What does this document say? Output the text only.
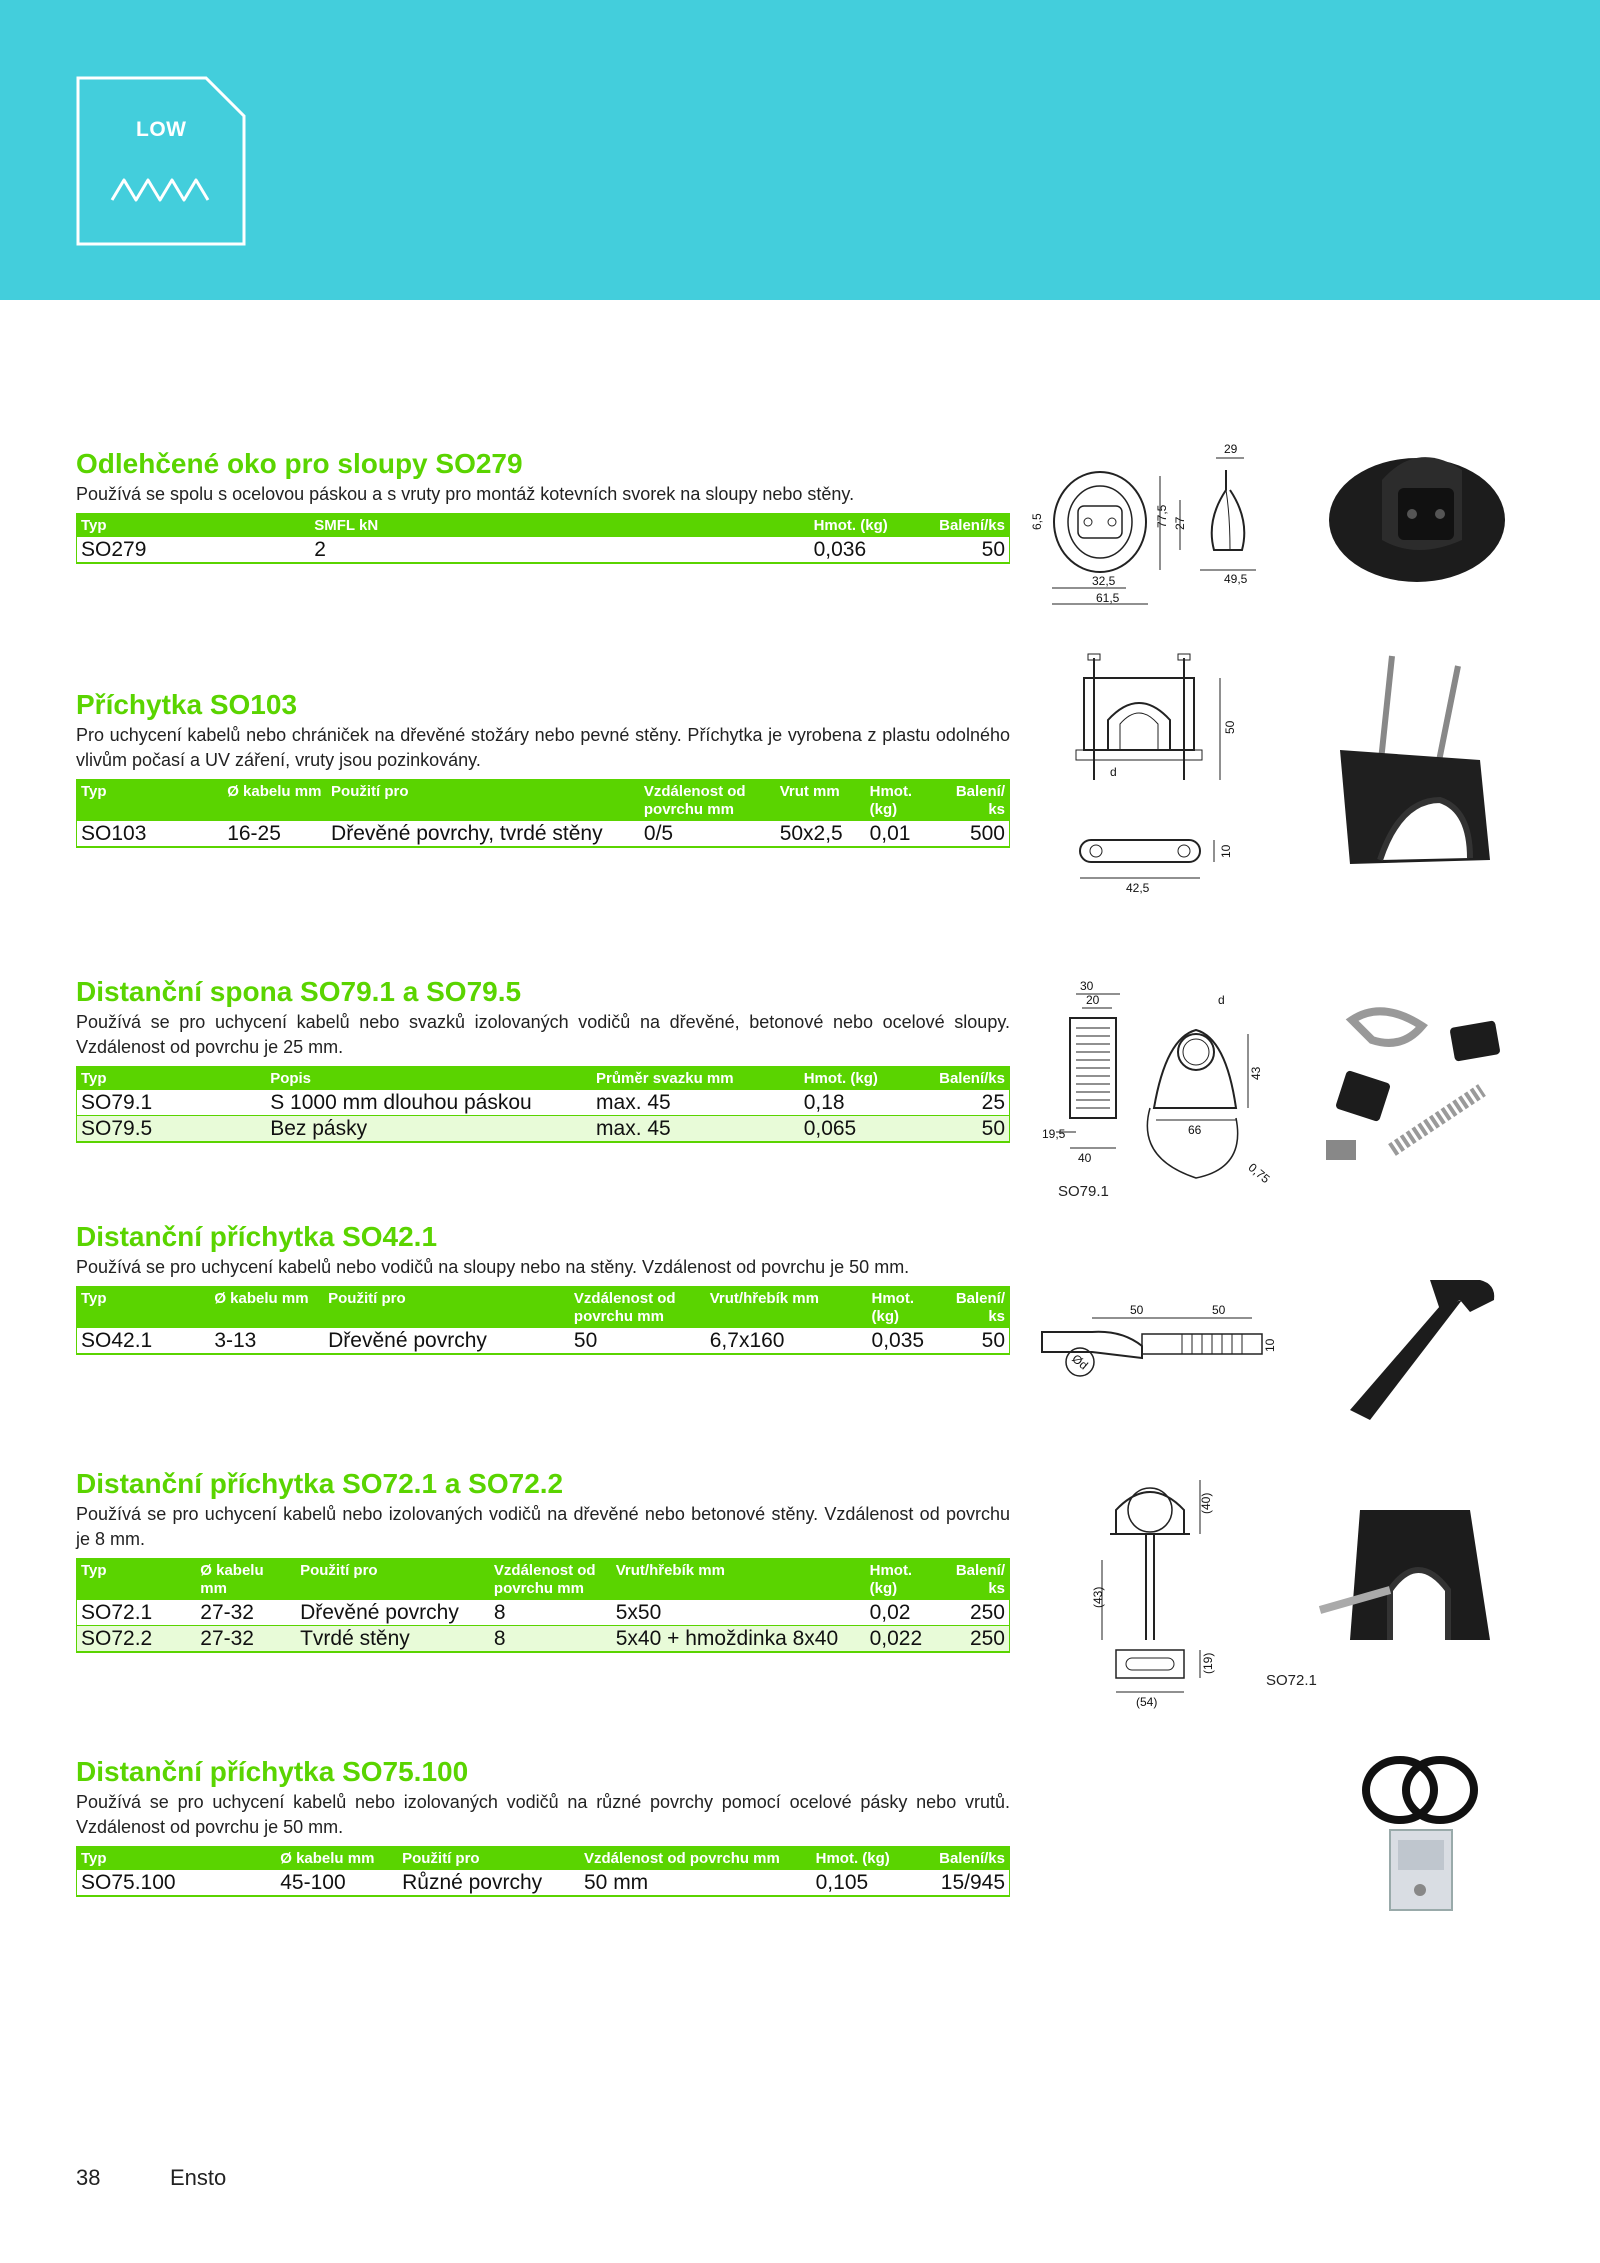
LOW
Odlehčené oko pro sloupy SO279
Používá se spolu s ocelovou páskou a s vruty pro montáž kotevních svorek na sloupy nebo stěny.
Typ	SMFL kN	Hmot. (kg)	Balení/ks
SO279	2	0,036	50
6,5	77,5 27
29
32,5
61,5
49,5
Příchytka SO103
Pro uchycení kabelů nebo chrániček na dřevěné stožáry nebo pevné stěny. Příchytka je vyrobena z plastu odolného vlivům počasí a UV záření, vruty jsou pozinkovány.
Typ	Ø kabelu mm	Použití pro	Vzdálenost od povrchu mm	Vrut mm	Hmot. (kg)	Balení/ ks
SO103	16-25	Dřevěné povrchy, tvrdé stěny	0/5	50x2,5	0,01	500
d
50
10
42,5
Distanční spona SO79.1 a SO79.5
Používá se pro uchycení kabelů nebo svazků izolovaných vodičů na dřevěné, betonové nebo ocelové sloupy. Vzdálenost od povrchu je 25 mm.
Typ	Popis	Průměr svazku mm	Hmot. (kg)	Balení/ks
SO79.1	S 1000 mm dlouhou páskou	max. 45	0,18	25
SO79.5	Bez pásky	max. 45	0,065	50
30
20	d
43
66
19,5
40
0,75
SO79.1
Distanční příchytka SO42.1
Používá se pro uchycení kabelů nebo vodičů na sloupy nebo na stěny. Vzdálenost od povrchu je 50 mm.
Typ	Ø kabelu mm	Použití pro	Vzdálenost od povrchu mm	Vrut/hřebík mm	Hmot. (kg)	Balení/ ks
SO42.1	3-13	Dřevěné povrchy	50	6,7x160	0,035	50
50	50
10
Ød
Distanční příchytka SO72.1 a SO72.2
Používá se pro uchycení kabelů nebo izolovaných vodičů na dřevěné nebo betonové stěny. Vzdálenost od povrchu je 8 mm.
Typ	Ø kabelu mm	Použití pro	Vzdálenost od povrchu mm	Vrut/hřebík mm	Hmot. (kg)	Balení/ ks
SO72.1	27-32	Dřevěné povrchy	8	5x50	0,02	250
SO72.2	27-32	Tvrdé stěny	8	5x40 + hmoždinka 8x40	0,022	250
(40)
(43)
(19)
(54)
SO72.1
Distanční příchytka SO75.100
Používá se pro uchycení kabelů nebo izolovaných vodičů na různé povrchy pomocí ocelové pásky nebo vrutů. Vzdálenost od povrchu je 50 mm.
Typ	Ø kabelu mm	Použití pro	Vzdálenost od povrchu mm	Hmot. (kg)	Balení/ks
SO75.100	45-100	Různé povrchy	50 mm	0,105	15/945
38	Ensto
